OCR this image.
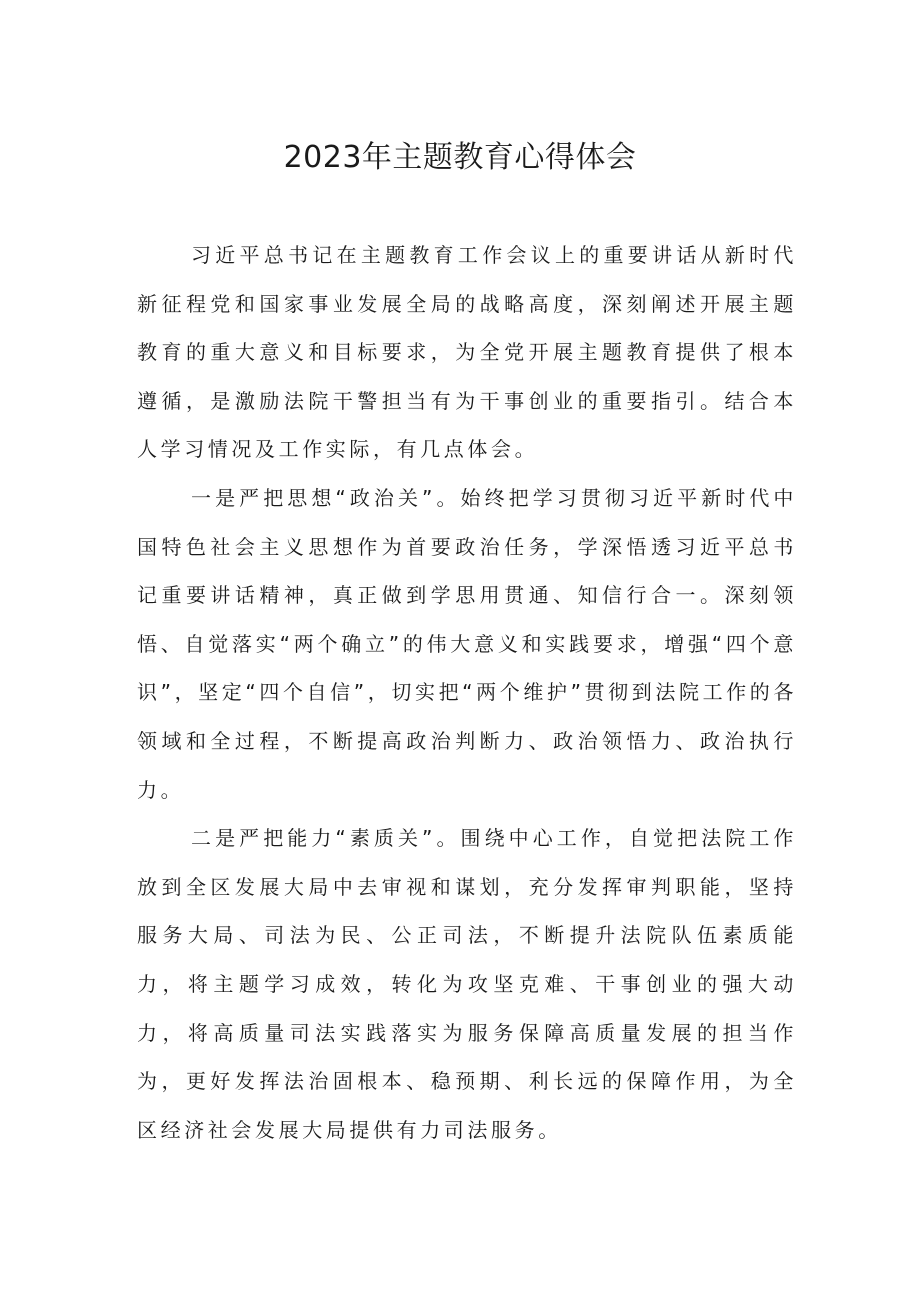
2023年主题教育心得体会

习近平总书记在主题教育工作会议上的重要讲话从新时代新征程党和国家事业发展全局的战略高度，深刻阐述开展主题教育的重大意义和目标要求，为全党开展主题教育提供了根本遵循，是激励法院干警担当有为干事创业的重要指引。结合本人学习情况及工作实际，有几点体会。

一是严把思想“政治关”。始终把学习贯彻习近平新时代中国特色社会主义思想作为首要政治任务，学深悟透习近平总书记重要讲话精神，真正做到学思用贯通、知信行合一。深刻领悟、自觉落实“两个确立”的伟大意义和实践要求，增强“四个意识”，坚定“四个自信”，切实把“两个维护”贯彻到法院工作的各领域和全过程，不断提高政治判断力、政治领悟力、政治执行力。

二是严把能力“素质关”。围绕中心工作，自觉把法院工作放到全区发展大局中去审视和谋划，充分发挥审判职能，坚持服务大局、司法为民、公正司法，不断提升法院队伍素质能力，将主题学习成效，转化为攻坚克难、干事创业的强大动力，将高质量司法实践落实为服务保障高质量发展的担当作为，更好发挥法治固根本、稳预期、利长远的保障作用，为全区经济社会发展大局提供有力司法服务。
